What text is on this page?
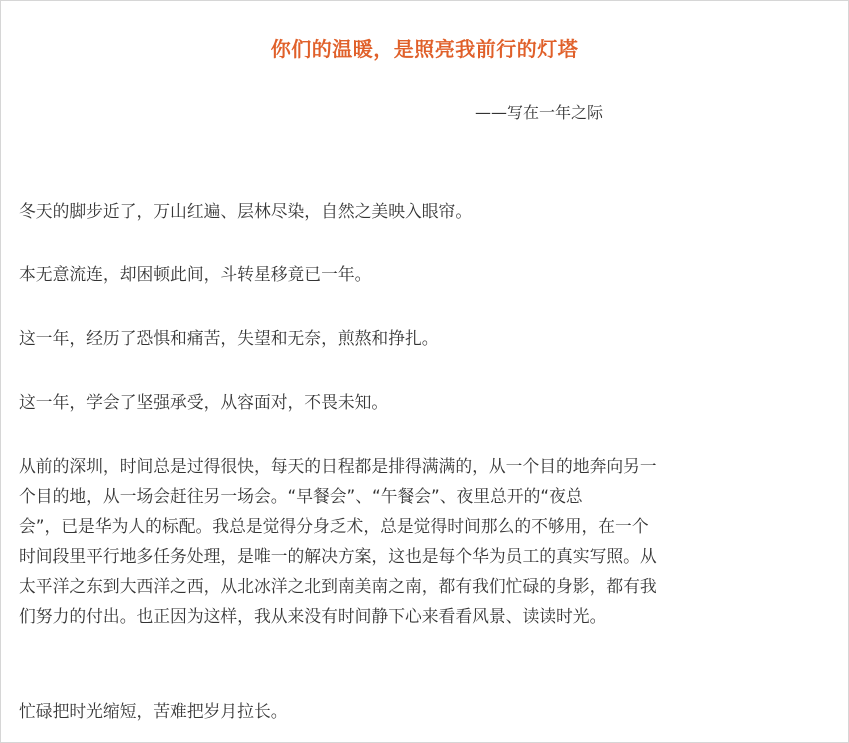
你们的温暖，是照亮我前行的灯塔
——写在一年之际

冬天的脚步近了，万山红遍、层林尽染，自然之美映入眼帘。

本无意流连，却困顿此间，斗转星移竟已一年。

这一年，经历了恐惧和痛苦，失望和无奈，煎熬和挣扎。

这一年，学会了坚强承受，从容面对，不畏未知。

从前的深圳，时间总是过得很快，每天的日程都是排得满满的，从一个目的地奔向另一
个目的地，从一场会赶往另一场会。“早餐会”、“午餐会”、夜里总开的“夜总
会”，已是华为人的标配。我总是觉得分身乏术，总是觉得时间那么的不够用，在一个
时间段里平行地多任务处理，是唯一的解决方案，这也是每个华为员工的真实写照。从
太平洋之东到大西洋之西，从北冰洋之北到南美南之南，都有我们忙碌的身影，都有我
们努力的付出。也正因为这样，我从来没有时间静下心来看看风景、读读时光。

忙碌把时光缩短，苦难把岁月拉长。
